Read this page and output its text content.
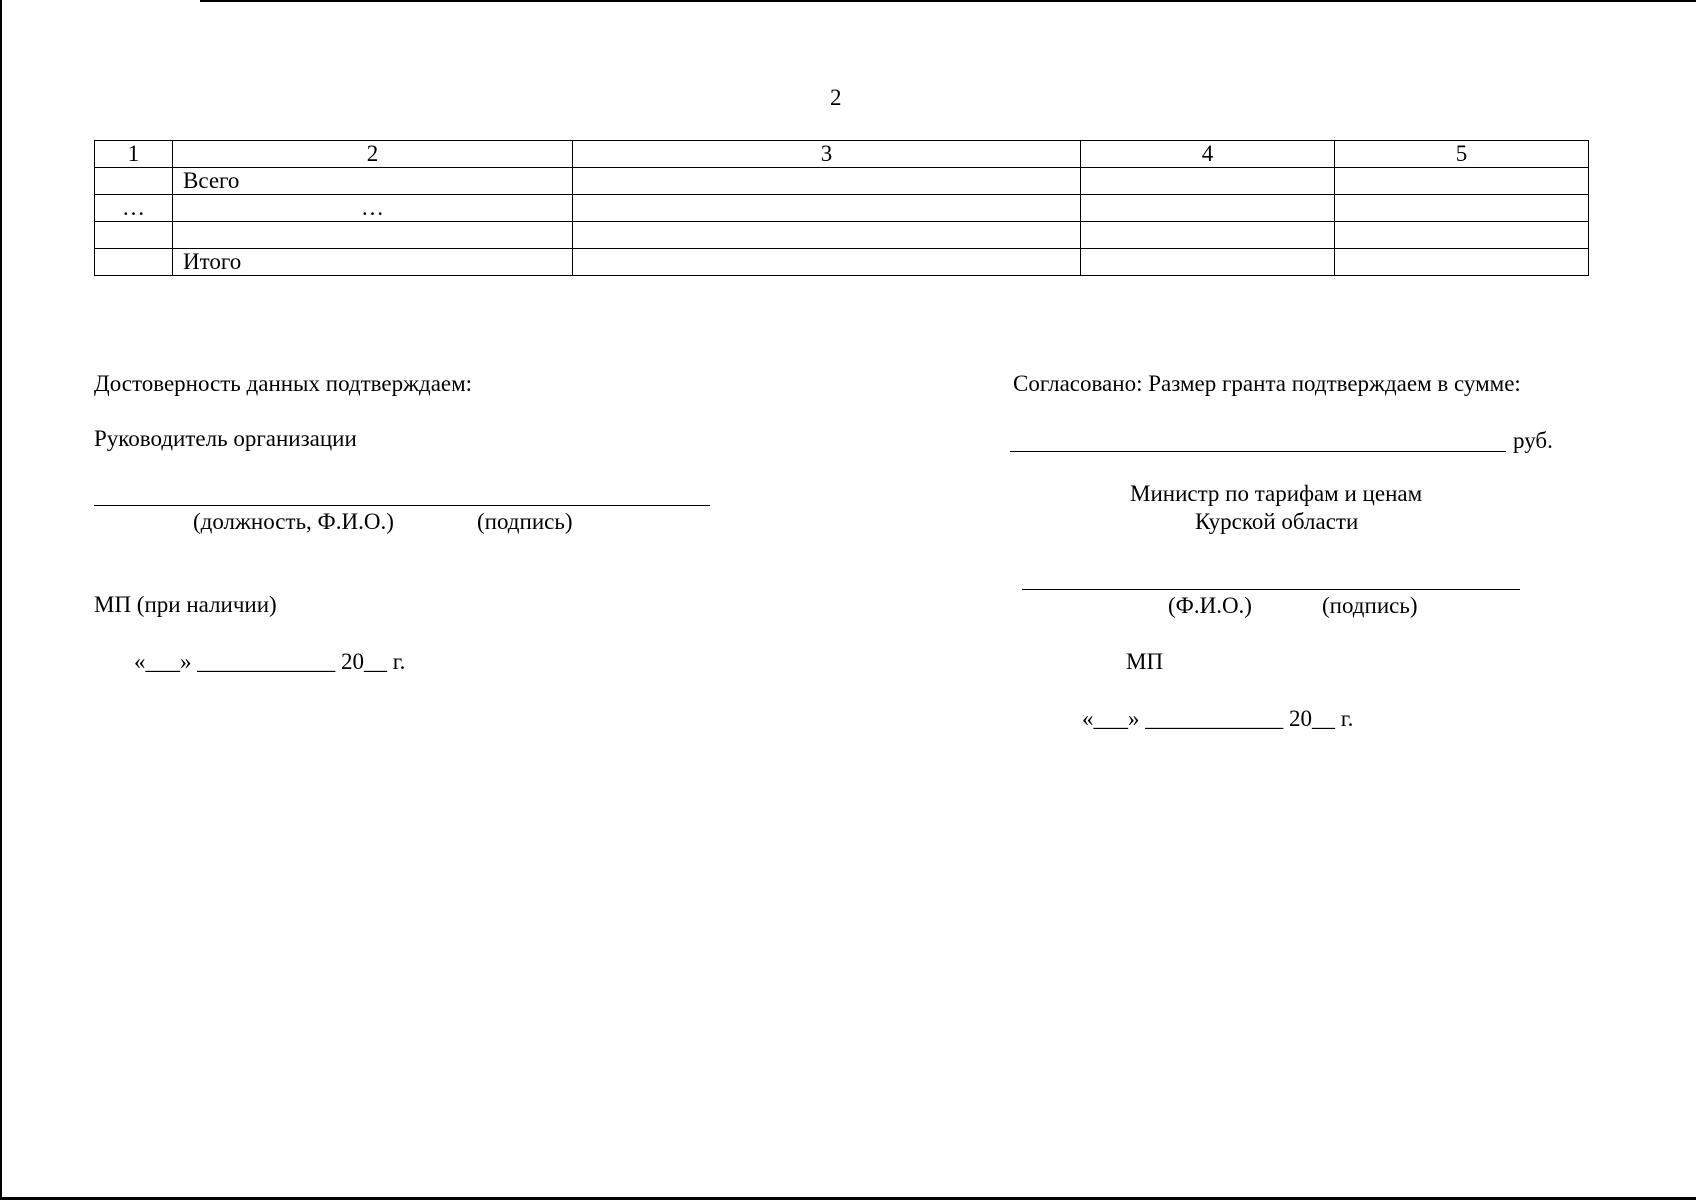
2
1	2	3	4	5
	Всего			
…	…			

	Итого			
Достоверность данных подтверждаем:
Руководитель организации
(должность, Ф.И.О.)	(подпись)
МП (при наличии)
«___» ____________ 20__ г.
Согласовано: Размер гранта подтверждаем в сумме:
руб.
Министр по тарифам и ценам
Курской области
(Ф.И.О.)	(подпись)
МП
«___» ____________ 20__ г.
